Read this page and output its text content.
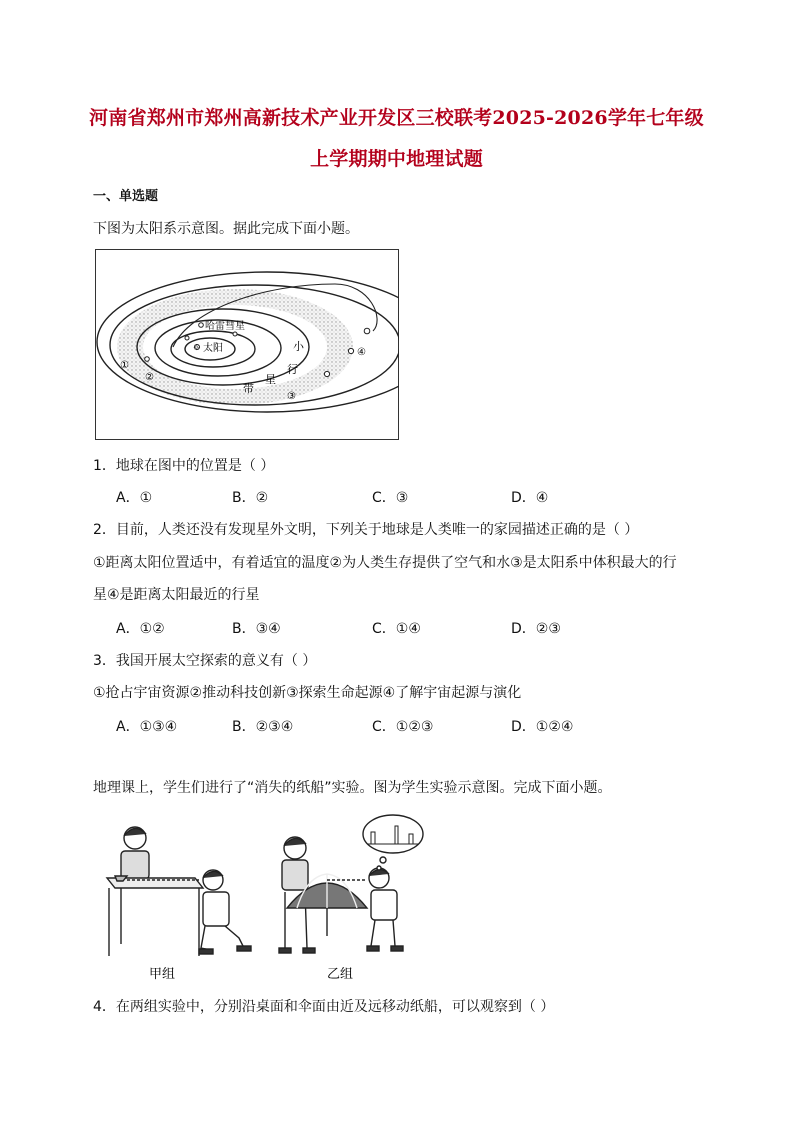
河南省郑州市郑州高新技术产业开发区三校联考2025-2026学年七年级
上学期期中地理试题
一、单选题
下图为太阳系示意图。据此完成下面小题。
☼ 太阳
哈雷彗星
①
②
③
④
小
行
带
星
1．地球在图中的位置是（ ）
A．①	B．②	C．③	D．④
2．目前，人类还没有发现星外文明，下列关于地球是人类唯一的家园描述正确的是（ ）
①距离太阳位置适中，有着适宜的温度②为人类生存提供了空气和水③是太阳系中体积最大的行
星④是距离太阳最近的行星
A．①②	B．③④	C．①④	D．②③
3．我国开展太空探索的意义有（ ）
①抢占宇宙资源②推动科技创新③探索生命起源④了解宇宙起源与演化
A．①③④	B．②③④	C．①②③	D．①②④
地理课上，学生们进行了“消失的纸船”实验。图为学生实验示意图。完成下面小题。
甲组	乙组
4．在两组实验中，分别沿桌面和伞面由近及远移动纸船，可以观察到（ ）
